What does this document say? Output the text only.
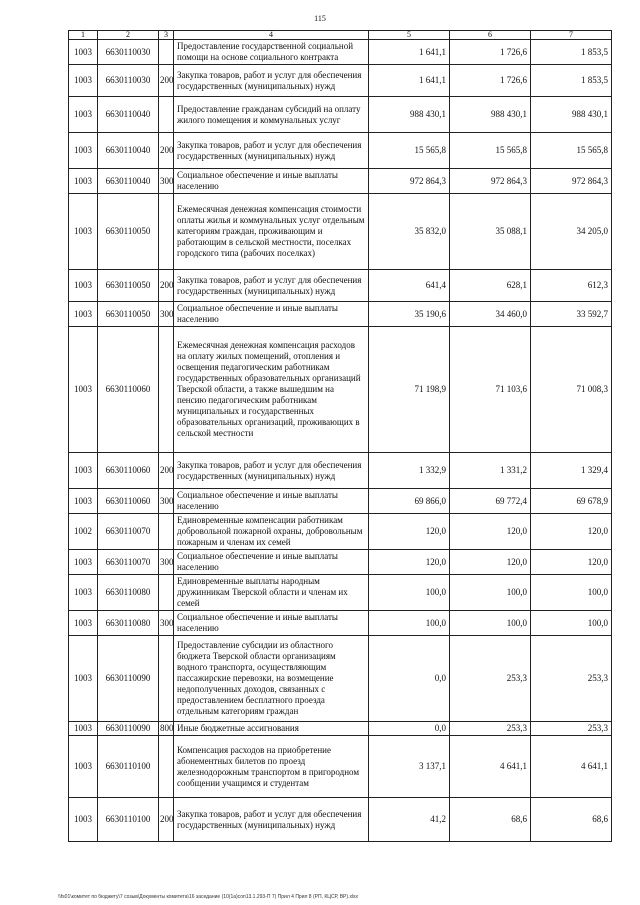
115
1	2	3	4	5	6	7
1003	6630110030		Предоставление государственной социальной помощи на основе социального контракта	1 641,1	1 726,6	1 853,5
1003	6630110030	200	Закупка товаров, работ и услуг для обеспечения государственных (муниципальных) нужд	1 641,1	1 726,6	1 853,5
1003	6630110040		Предоставление гражданам субсидий на оплату жилого помещения и коммунальных услуг	988 430,1	988 430,1	988 430,1
1003	6630110040	200	Закупка товаров, работ и услуг для обеспечения государственных (муниципальных) нужд	15 565,8	15 565,8	15 565,8
1003	6630110040	300	Социальное обеспечение и иные выплаты населению	972 864,3	972 864,3	972 864,3
1003	6630110050		Ежемесячная денежная компенсация стоимости оплаты жилья и коммунальных услуг отдельным категориям граждан, проживающим и работающим в сельской местности, поселках городского типа (рабочих поселках)	35 832,0	35 088,1	34 205,0
1003	6630110050	200	Закупка товаров, работ и услуг для обеспечения государственных (муниципальных) нужд	641,4	628,1	612,3
1003	6630110050	300	Социальное обеспечение и иные выплаты населению	35 190,6	34 460,0	33 592,7
1003	6630110060		Ежемесячная денежная компенсация расходов на оплату жилых помещений, отопления и освещения педагогическим работникам государственных образовательных организаций Тверской области, а также вышедшим на пенсию педагогическим работникам муниципальных и государственных образовательных организаций, проживающих в сельской местности	71 198,9	71 103,6	71 008,3
1003	6630110060	200	Закупка товаров, работ и услуг для обеспечения государственных (муниципальных) нужд	1 332,9	1 331,2	1 329,4
1003	6630110060	300	Социальное обеспечение и иные выплаты населению	69 866,0	69 772,4	69 678,9
1002	6630110070		Единовременные компенсации работникам добровольной пожарной охраны, добровольным пожарным и членам их семей	120,0	120,0	120,0
1003	6630110070	300	Социальное обеспечение и иные выплаты населению	120,0	120,0	120,0
1003	6630110080		Единовременные выплаты народным дружинникам Тверской области и членам их семей	100,0	100,0	100,0
1003	6630110080	300	Социальное обеспечение и иные выплаты населению	100,0	100,0	100,0
1003	6630110090		Предоставление субсидии из областного бюджета Тверской области организациям водного транспорта, осуществляющим пассажирские перевозки, на возмещение недополученных доходов, связанных с предоставлением бесплатного проезда отдельным категориям граждан	0,0	253,3	253,3
1003	6630110090	800	Иные бюджетные ассигнования	0,0	253,3	253,3
1003	6630110100		Компенсация расходов на приобретение абонементных билетов по проезд железнодорожным транспортом в пригородном сообщении учащимся и студентам	3 137,1	4 641,1	4 641,1
1003	6630110100	200	Закупка товаров, работ и услуг для обеспечения государственных (муниципальных) нужд	41,2	68,6	68,6
\\fs01\комитет по бюджету\7 созыв\Документы комитета\16 заседание (10(1а)соп13.1.293-П 7) Прил 4 Прил 8 (РП, КЦСР, ВР).xlsx
